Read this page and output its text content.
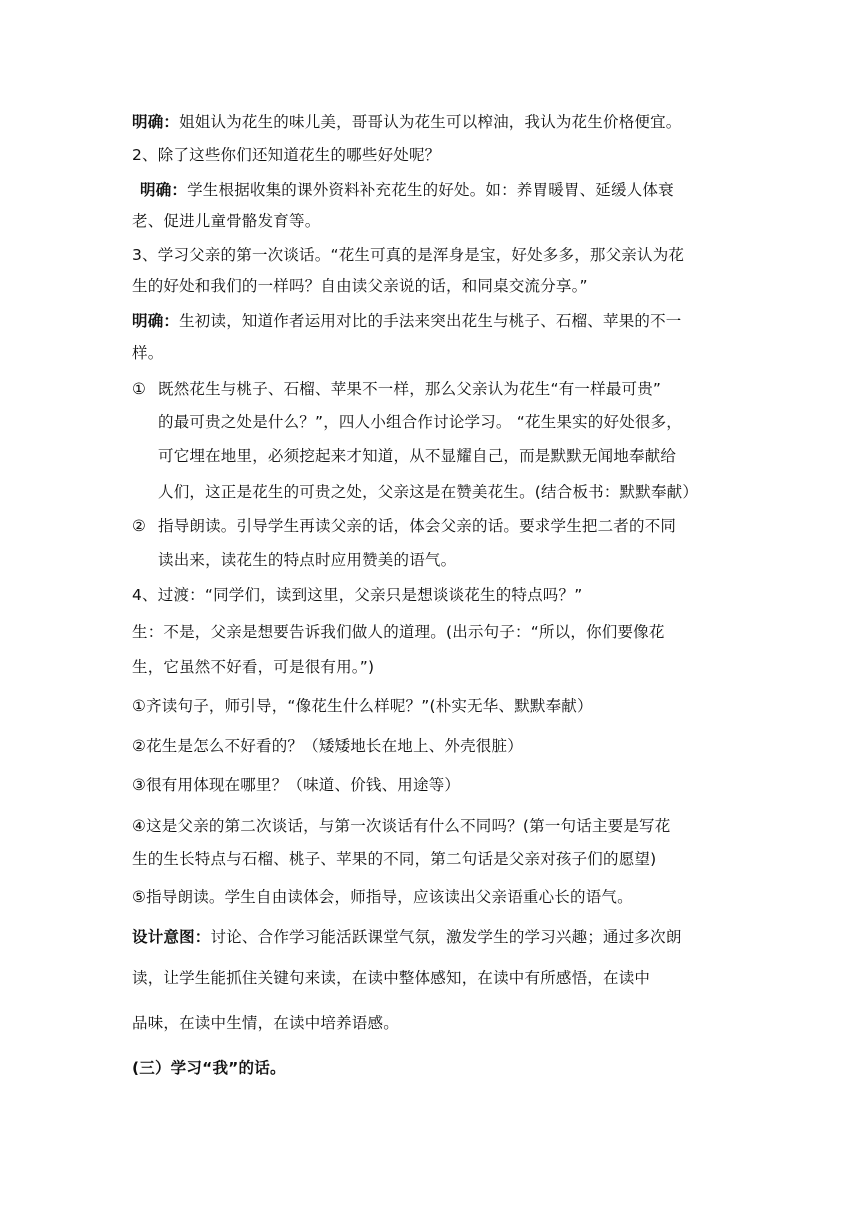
明确：姐姐认为花生的味儿美，哥哥认为花生可以榨油，我认为花生价格便宜。
2、除了这些你们还知道花生的哪些好处呢？
明确：学生根据收集的课外资料补充花生的好处。如：养胃暖胃、延缓人体衰
老、促进儿童骨骼发育等。
3、学习父亲的第一次谈话。“花生可真的是浑身是宝，好处多多，那父亲认为花
生的好处和我们的一样吗？自由读父亲说的话，和同桌交流分享。”
明确：生初读，知道作者运用对比的手法来突出花生与桃子、石榴、苹果的不一
样。
① 既然花生与桃子、石榴、苹果不一样，那么父亲认为花生“有一样最可贵”
的最可贵之处是什么？”，四人小组合作讨论学习。 “花生果实的好处很多，
可它埋在地里，必须挖起来才知道，从不显耀自己，而是默默无闻地奉献给
人们，这正是花生的可贵之处，父亲这是在赞美花生。(结合板书：默默奉献）
② 指导朗读。引导学生再读父亲的话，体会父亲的话。要求学生把二者的不同
读出来，读花生的特点时应用赞美的语气。
4、过渡：“同学们，读到这里，父亲只是想谈谈花生的特点吗？”
生：不是，父亲是想要告诉我们做人的道理。(出示句子：“所以，你们要像花
生，它虽然不好看，可是很有用。”)
①齐读句子，师引导，“像花生什么样呢？”(朴实无华、默默奉献）
②花生是怎么不好看的？（矮矮地长在地上、外壳很脏）
③很有用体现在哪里？（味道、价钱、用途等）
④这是父亲的第二次谈话，与第一次谈话有什么不同吗？(第一句话主要是写花
生的生长特点与石榴、桃子、苹果的不同，第二句话是父亲对孩子们的愿望)
⑤指导朗读。学生自由读体会，师指导，应该读出父亲语重心长的语气。
设计意图：讨论、合作学习能活跃课堂气氛，激发学生的学习兴趣；通过多次朗
读，让学生能抓住关键句来读，在读中整体感知，在读中有所感悟，在读中
品味，在读中生情，在读中培养语感。
(三）学习“我”的话。
